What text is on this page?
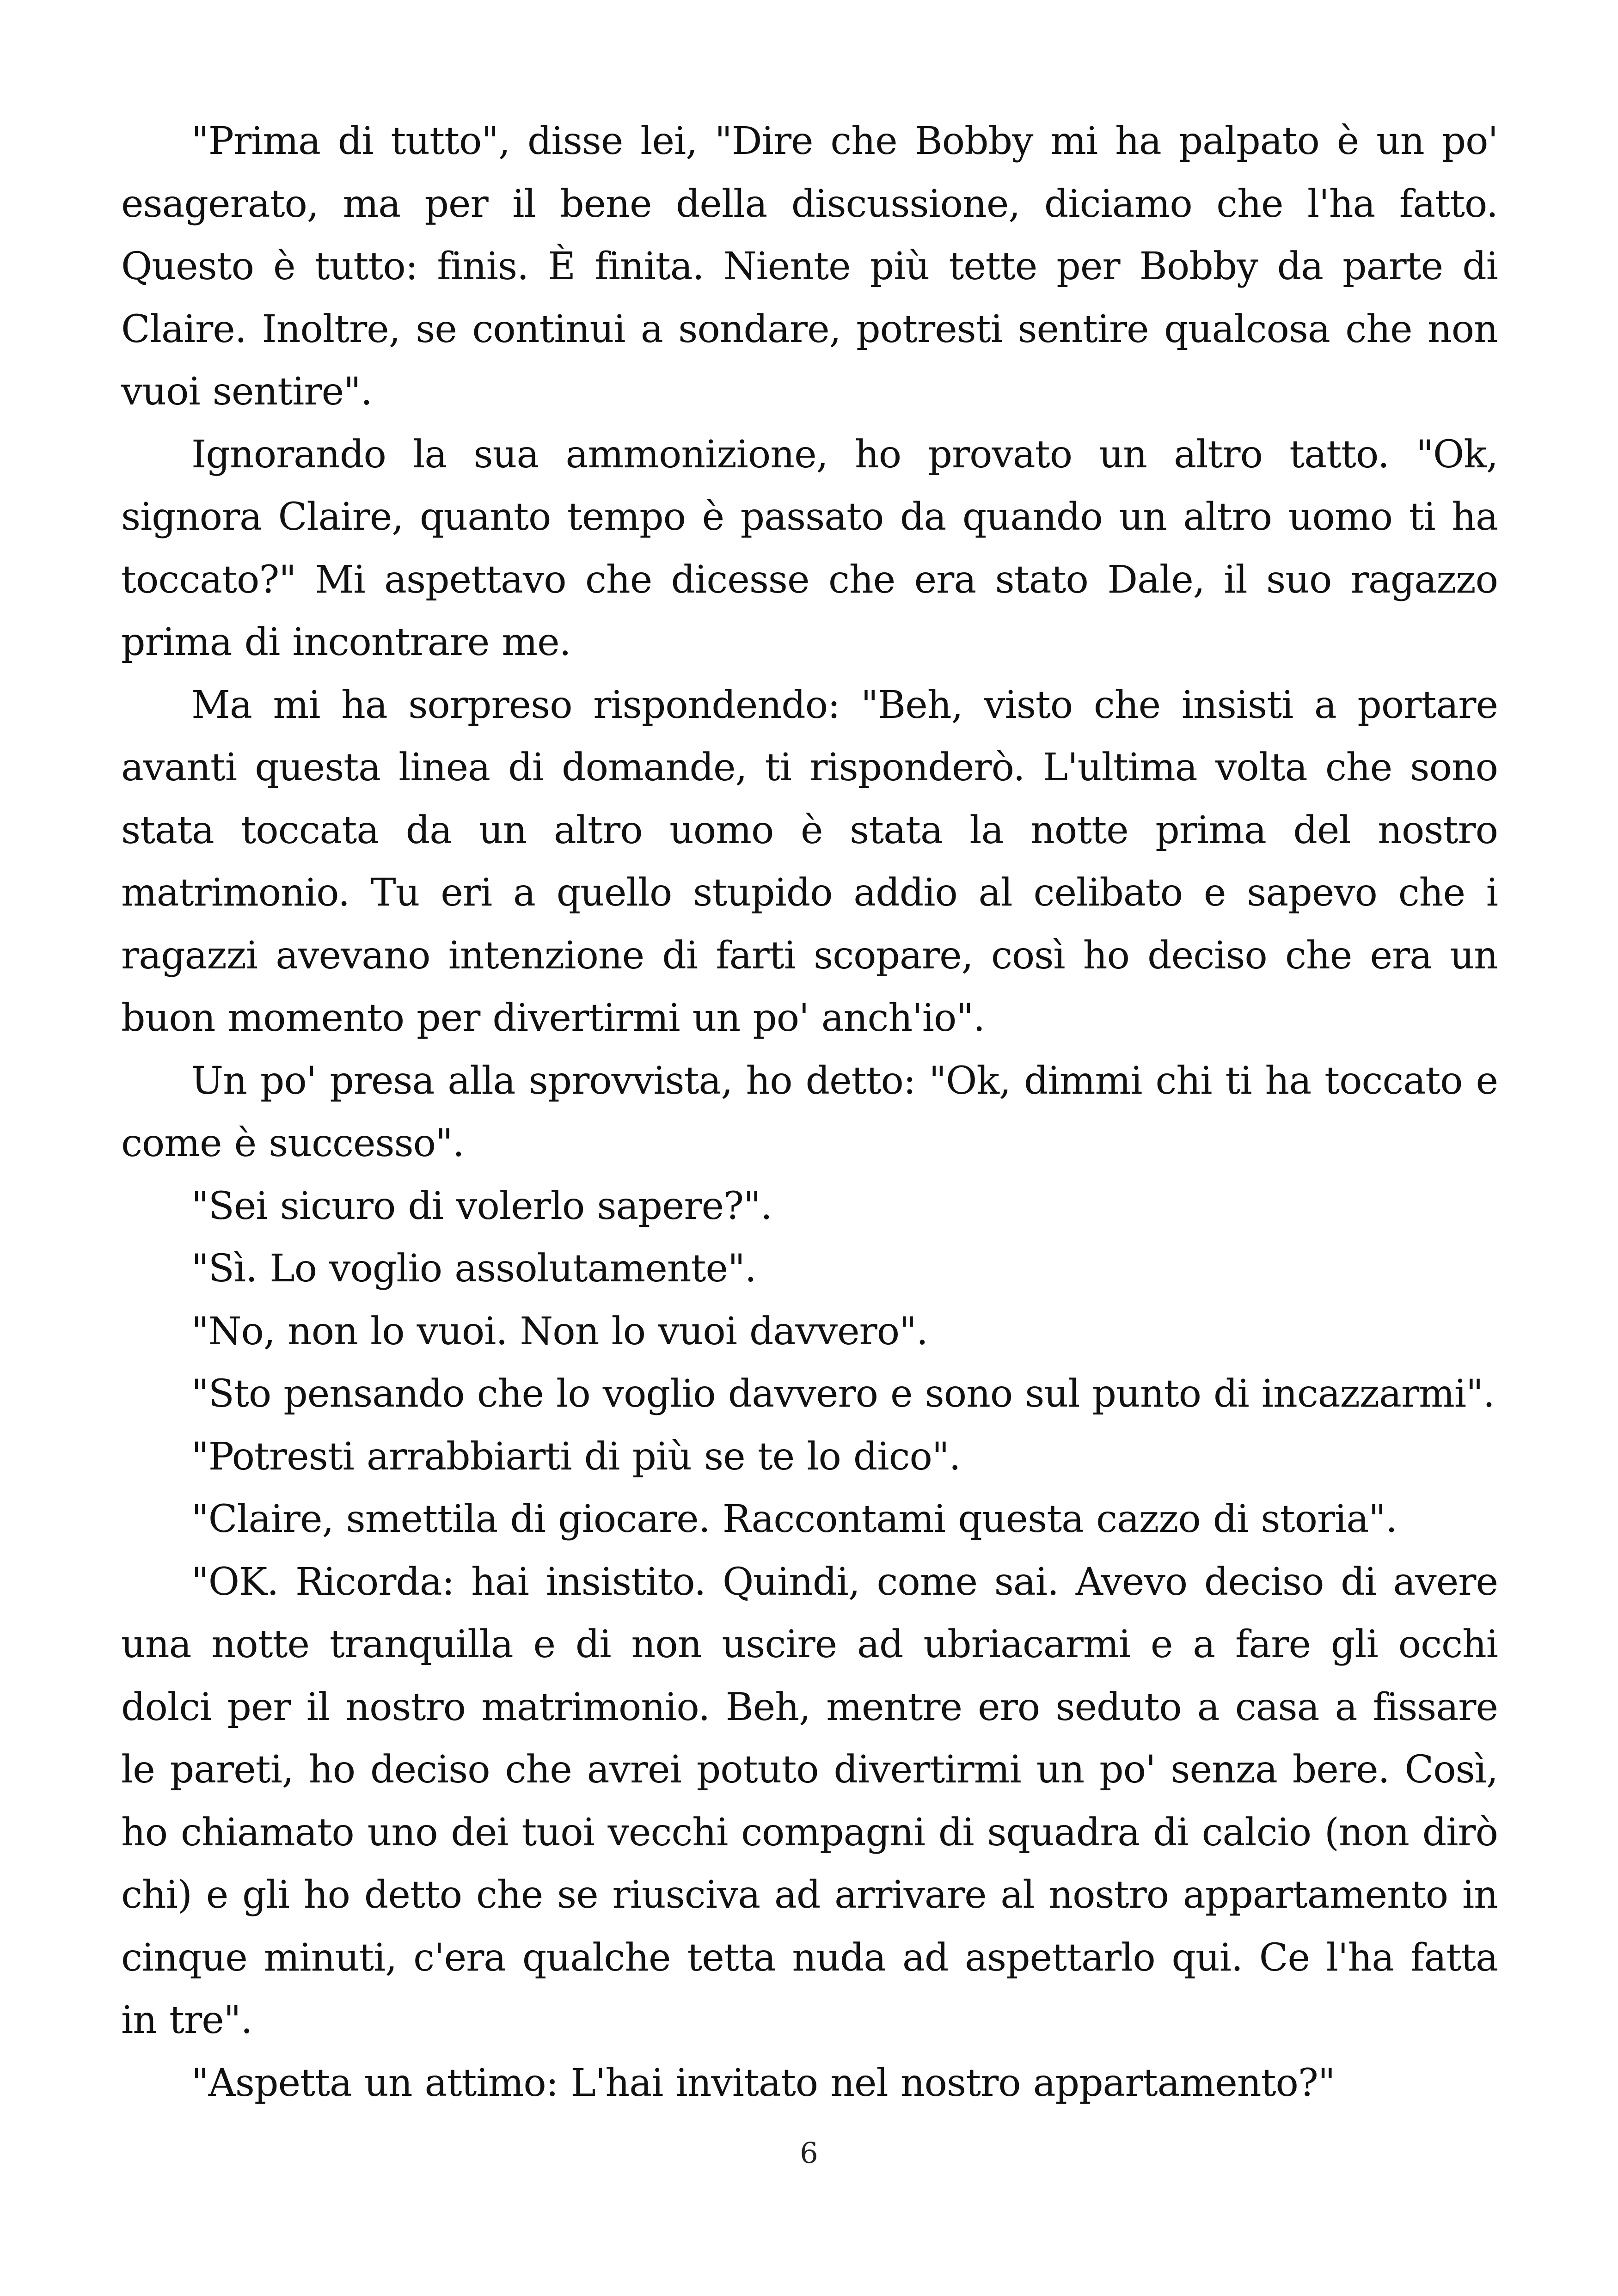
"Prima di tutto", disse lei, "Dire che Bobby mi ha palpato è un po' esagerato, ma per il bene della discussione, diciamo che l'ha fatto. Questo è tutto: finis. È finita. Niente più tette per Bobby da parte di Claire. Inoltre, se continui a sondare, potresti sentire qualcosa che non vuoi sentire".

Ignorando la sua ammonizione, ho provato un altro tatto. "Ok, signora Claire, quanto tempo è passato da quando un altro uomo ti ha toccato?" Mi aspettavo che dicesse che era stato Dale, il suo ragazzo prima di incontrare me.

Ma mi ha sorpreso rispondendo: "Beh, visto che insisti a portare avanti questa linea di domande, ti risponderò. L'ultima volta che sono stata toccata da un altro uomo è stata la notte prima del nostro matrimonio. Tu eri a quello stupido addio al celibato e sapevo che i ragazzi avevano intenzione di farti scopare, così ho deciso che era un buon momento per divertirmi un po' anch'io".

Un po' presa alla sprovvista, ho detto: "Ok, dimmi chi ti ha toccato e come è successo".

"Sei sicuro di volerlo sapere?".

"Sì. Lo voglio assolutamente".

"No, non lo vuoi. Non lo vuoi davvero".

"Sto pensando che lo voglio davvero e sono sul punto di incazzarmi".

"Potresti arrabbiarti di più se te lo dico".

"Claire, smettila di giocare. Raccontami questa cazzo di storia".

"OK. Ricorda: hai insistito. Quindi, come sai. Avevo deciso di avere una notte tranquilla e di non uscire ad ubriacarmi e a fare gli occhi dolci per il nostro matrimonio. Beh, mentre ero seduto a casa a fissare le pareti, ho deciso che avrei potuto divertirmi un po' senza bere. Così, ho chiamato uno dei tuoi vecchi compagni di squadra di calcio (non dirò chi) e gli ho detto che se riusciva ad arrivare al nostro appartamento in cinque minuti, c'era qualche tetta nuda ad aspettarlo qui. Ce l'ha fatta in tre".

"Aspetta un attimo: L'hai invitato nel nostro appartamento?"

6
